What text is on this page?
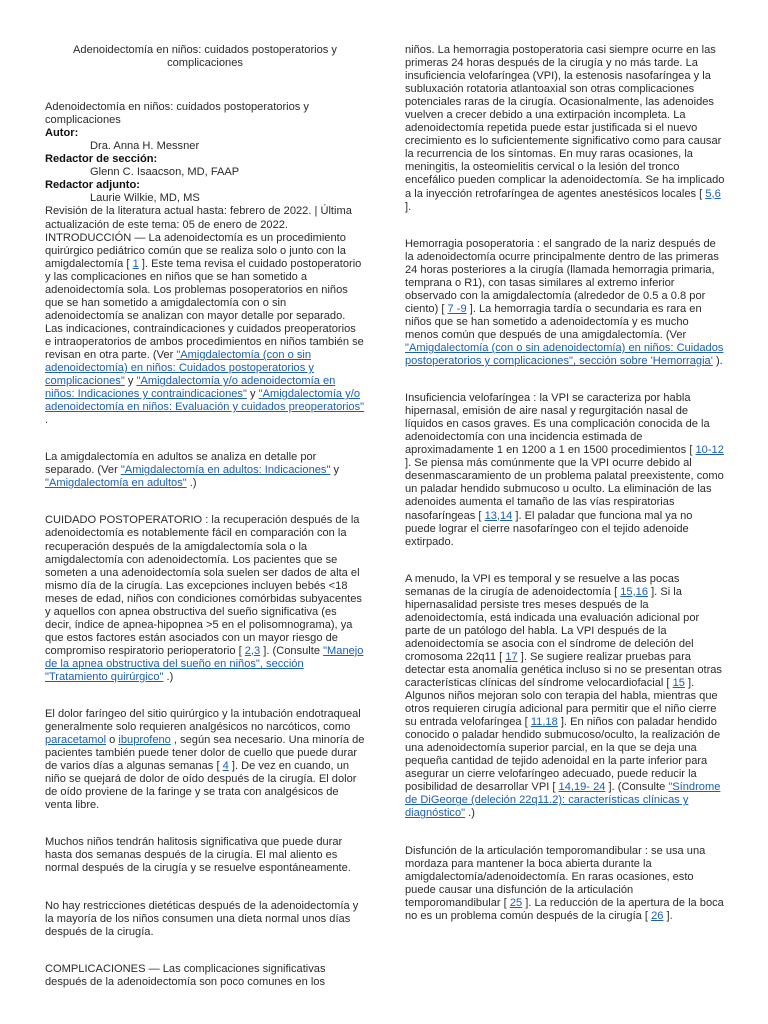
Adenoidectomía en niños: cuidados postoperatorios y complicaciones

Adenoidectomía en niños: cuidados postoperatorios y complicaciones

Autor:

Dra. Anna H. Messner

Redactor de sección:

Glenn C. Isaacson, MD, FAAP

Redactor adjunto:

Laurie Wilkie, MD, MS

Revisión de la literatura actual hasta: febrero de 2022. | Última actualización de este tema: 05 de enero de 2022.

INTRODUCCIÓN — La adenoidectomía es un procedimiento quirúrgico pediátrico común que se realiza solo o junto con la amigdalectomía [ 1 ]. Este tema revisa el cuidado postoperatorio y las complicaciones en niños que se han sometido a adenoidectomía sola. Los problemas posoperatorios en niños que se han sometido a amigdalectomía con o sin adenoidectomía se analizan con mayor detalle por separado. Las indicaciones, contraindicaciones y cuidados preoperatorios e intraoperatorios de ambos procedimientos en niños también se revisan en otra parte. (Ver "Amigdalectomía (con o sin adenoidectomía) en niños: Cuidados postoperatorios y complicaciones" y "Amigdalectomía y/o adenoidectomía en niños: Indicaciones y contraindicaciones" y "Amigdalectomía y/o adenoidectomía en niños: Evaluación y cuidados preoperatorios" .

La amigdalectomía en adultos se analiza en detalle por separado. (Ver "Amigdalectomía en adultos: Indicaciones" y "Amigdalectomía en adultos" .)

CUIDADO POSTOPERATORIO : la recuperación después de la adenoidectomía es notablemente fácil en comparación con la recuperación después de la amigdalectomía sola o la amigdalectomía con adenoidectomía. Los pacientes que se someten a una adenoidectomía sola suelen ser dados de alta el mismo día de la cirugía. Las excepciones incluyen bebés <18 meses de edad, niños con condiciones comórbidas subyacentes y aquellos con apnea obstructiva del sueño significativa (es decir, índice de apnea-hipopnea >5 en el polisomnograma), ya que estos factores están asociados con un mayor riesgo de compromiso respiratorio perioperatorio [ 2,3 ]. (Consulte "Manejo de la apnea obstructiva del sueño en niños", sección "Tratamiento quirúrgico" .)

El dolor faríngeo del sitio quirúrgico y la intubación endotraqueal generalmente solo requieren analgésicos no narcóticos, como paracetamol o ibuprofeno , según sea necesario. Una minoría de pacientes también puede tener dolor de cuello que puede durar de varios días a algunas semanas [ 4 ]. De vez en cuando, un niño se quejará de dolor de oído después de la cirugía. El dolor de oído proviene de la faringe y se trata con analgésicos de venta libre.

Muchos niños tendrán halitosis significativa que puede durar hasta dos semanas después de la cirugía. El mal aliento es normal después de la cirugía y se resuelve espontáneamente.

No hay restricciones dietéticas después de la adenoidectomía y la mayoría de los niños consumen una dieta normal unos días después de la cirugía.

COMPLICACIONES — Las complicaciones significativas después de la adenoidectomía son poco comunes en los

niños. La hemorragia postoperatoria casi siempre ocurre en las primeras 24 horas después de la cirugía y no más tarde. La insuficiencia velofaríngea (VPI), la estenosis nasofaríngea y la subluxación rotatoria atlantoaxial son otras complicaciones potenciales raras de la cirugía. Ocasionalmente, las adenoides vuelven a crecer debido a una extirpación incompleta. La adenoidectomía repetida puede estar justificada si el nuevo crecimiento es lo suficientemente significativo como para causar la recurrencia de los síntomas. En muy raras ocasiones, la meningitis, la osteomielitis cervical o la lesión del tronco encefálico pueden complicar la adenoidectomía. Se ha implicado a la inyección retrofaríngea de agentes anestésicos locales [ 5,6 ].

Hemorragia posoperatoria : el sangrado de la nariz después de la adenoidectomía ocurre principalmente dentro de las primeras 24 horas posteriores a la cirugía (llamada hemorragia primaria, temprana o R1), con tasas similares al extremo inferior observado con la amigdalectomía (alrededor de 0.5 a 0.8 por ciento) [ 7 -9 ]. La hemorragia tardía o secundaria es rara en niños que se han sometido a adenoidectomía y es mucho menos común que después de una amigdalectomía. (Ver "Amigdalectomía (con o sin adenoidectomía) en niños: Cuidados postoperatorios y complicaciones", sección sobre 'Hemorragia' ).

Insuficiencia velofaríngea : la VPI se caracteriza por habla hipernasal, emisión de aire nasal y regurgitación nasal de líquidos en casos graves. Es una complicación conocida de la adenoidectomía con una incidencia estimada de aproximadamente 1 en 1200 a 1 en 1500 procedimientos [ 10-12 ]. Se piensa más comúnmente que la VPI ocurre debido al desenmascaramiento de un problema palatal preexistente, como un paladar hendido submucoso u oculto. La eliminación de las adenoides aumenta el tamaño de las vías respiratorias nasofaríngeas [ 13,14 ]. El paladar que funciona mal ya no puede lograr el cierre nasofaríngeo con el tejido adenoide extirpado.

A menudo, la VPI es temporal y se resuelve a las pocas semanas de la cirugía de adenoidectomía [ 15,16 ]. Si la hipernasalidad persiste tres meses después de la adenoidectomía, está indicada una evaluación adicional por parte de un patólogo del habla. La VPI después de la adenoidectomía se asocia con el síndrome de deleción del cromosoma 22q11 [ 17 ]. Se sugiere realizar pruebas para detectar esta anomalía genética incluso si no se presentan otras características clínicas del síndrome velocardiofacial [ 15 ]. Algunos niños mejoran solo con terapia del habla, mientras que otros requieren cirugía adicional para permitir que el niño cierre su entrada velofaríngea [ 11,18 ]. En niños con paladar hendido conocido o paladar hendido submucoso/oculto, la realización de una adenoidectomía superior parcial, en la que se deja una pequeña cantidad de tejido adenoidal en la parte inferior para asegurar un cierre velofaríngeo adecuado, puede reducir la posibilidad de desarrollar VPI [ 14,19- 24 ]. (Consulte "Síndrome de DiGeorge (deleción 22q11.2): características clínicas y diagnóstico" .)

Disfunción de la articulación temporomandibular : se usa una mordaza para mantener la boca abierta durante la amigdalectomía/adenoidectomía. En raras ocasiones, esto puede causar una disfunción de la articulación temporomandibular [ 25 ]. La reducción de la apertura de la boca no es un problema común después de la cirugía [ 26 ].
